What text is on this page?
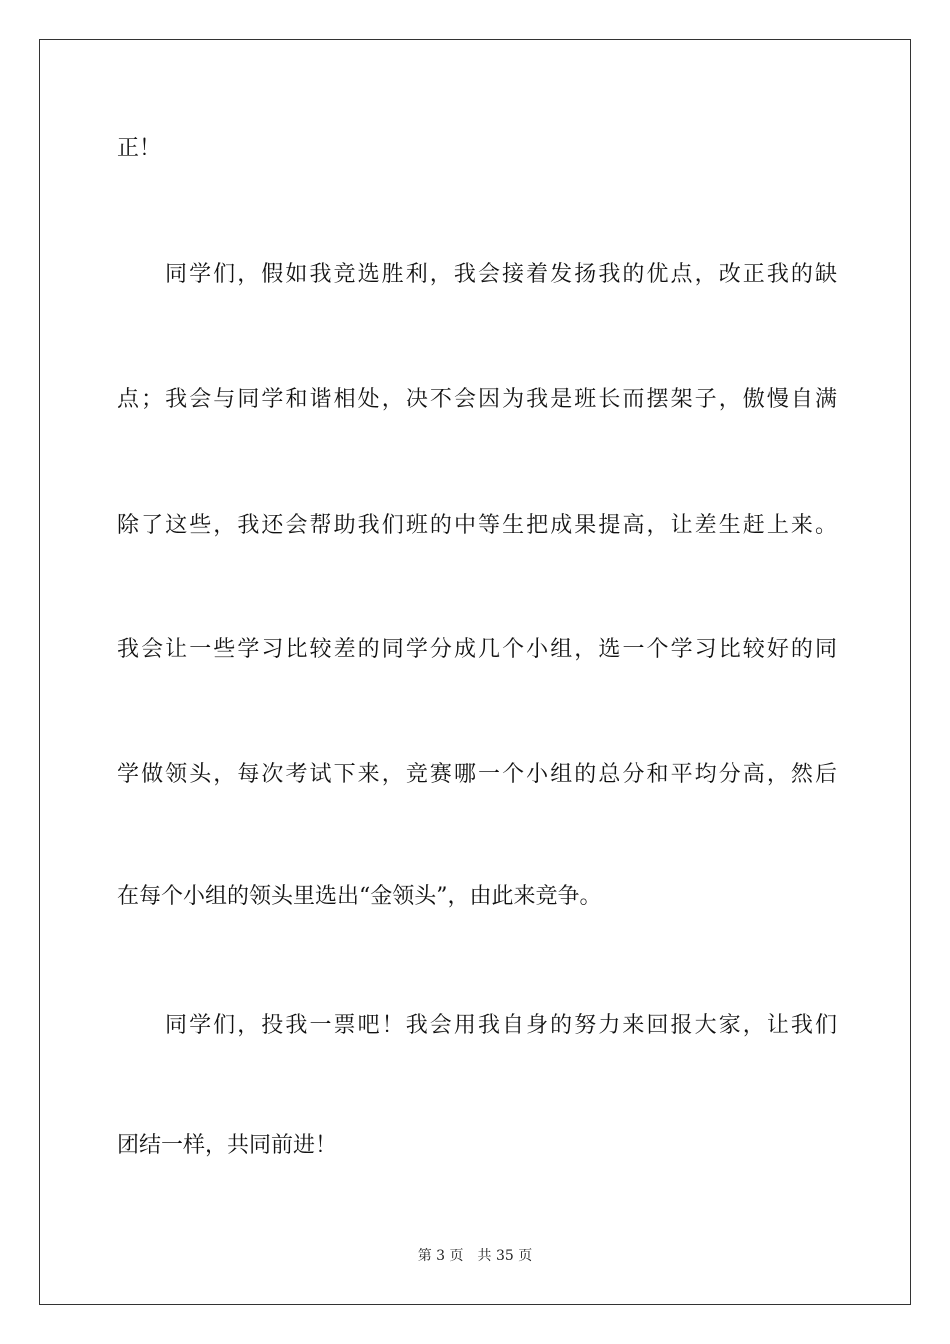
正！
同学们，假如我竞选胜利，我会接着发扬我的优点，改正我的缺
点；我会与同学和谐相处，决不会因为我是班长而摆架子，傲慢自满
除了这些，我还会帮助我们班的中等生把成果提高，让差生赶上来。
我会让一些学习比较差的同学分成几个小组，选一个学习比较好的同
学做领头，每次考试下来，竞赛哪一个小组的总分和平均分高，然后
在每个小组的领头里选出“金领头”，由此来竞争。
同学们，投我一票吧！我会用我自身的努力来回报大家，让我们
团结一样，共同前进！
第 3 页 共 35 页
